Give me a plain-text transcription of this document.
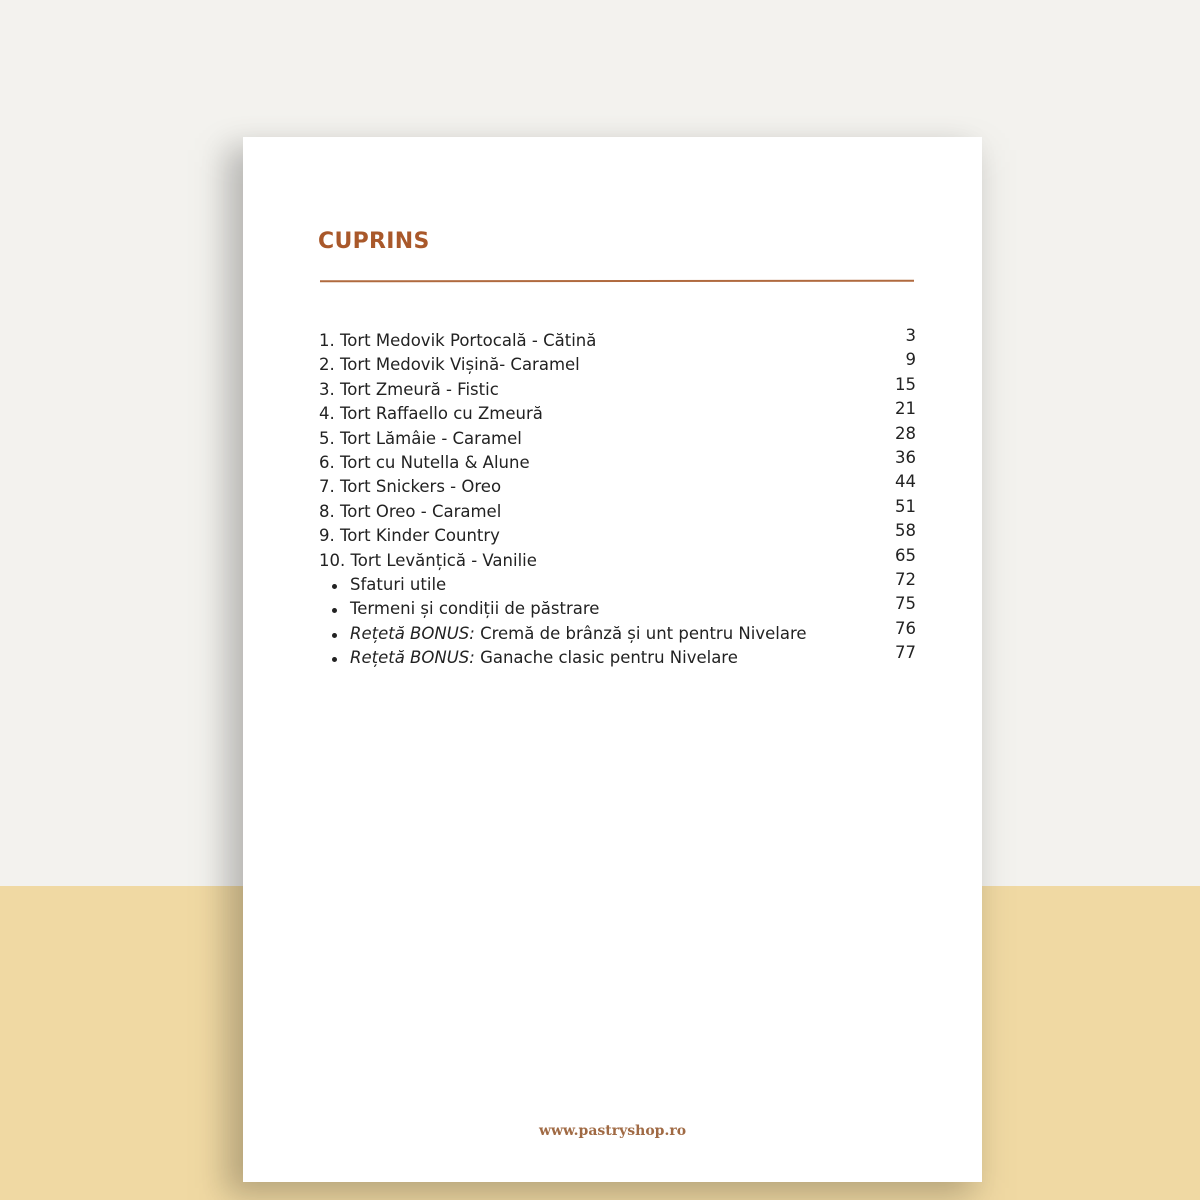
CUPRINS
1. Tort Medovik Portocală - Cătină	3
2. Tort Medovik Vișină- Caramel	9
3. Tort Zmeură - Fistic	15
4. Tort Raffaello cu Zmeură	21
5. Tort Lămâie - Caramel	28
6. Tort cu Nutella & Alune	36
7. Tort Snickers - Oreo	44
8. Tort Oreo - Caramel	51
9. Tort Kinder Country	58
10. Tort Levănțică - Vanilie	65
Sfaturi utile	72
Termeni și condiții de păstrare	75
Rețetă BONUS: Cremă de brânză și unt pentru Nivelare	76
Rețetă BONUS: Ganache clasic pentru Nivelare	77
www.pastryshop.ro
